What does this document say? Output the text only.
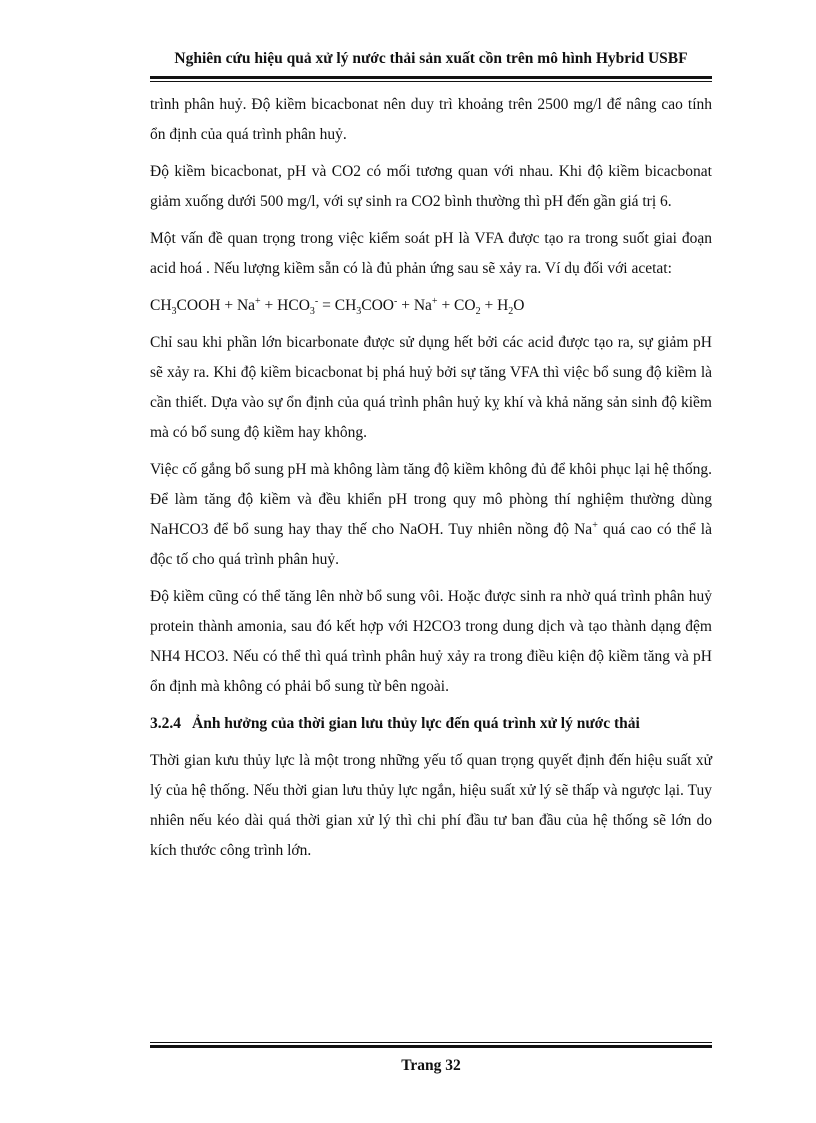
Nghiên cứu hiệu quả xử lý nước thải sản xuất cồn trên mô hình Hybrid USBF

trình phân huỷ. Độ kiềm bicacbonat nên duy trì khoảng trên 2500 mg/l để nâng cao tính ổn định của quá trình phân huỷ.

Độ kiềm bicacbonat, pH và CO2 có mối tương quan với nhau. Khi độ kiềm bicacbonat giảm xuống dưới 500 mg/l, với sự sinh ra CO2 bình thường thì pH đến gần giá trị 6.

Một vấn đề quan trọng trong việc kiểm soát pH là VFA được tạo ra trong suốt giai đoạn acid hoá . Nếu lượng kiềm sẵn có là đủ phản ứng sau sẽ xảy ra. Ví dụ đối với acetat:

$CH_3COOH + Na^+ + HCO_3^- = CH_3COO^- + Na^+ + CO_2 + H_2O$

Chỉ sau khi phần lớn bicarbonate được sử dụng hết bởi các acid được tạo ra, sự giảm pH sẽ xảy ra. Khi độ kiềm bicacbonat bị phá huỷ bởi sự tăng VFA thì việc bổ sung độ kiềm là cần thiết. Dựa vào sự ổn định của quá trình phân huỷ kỵ khí và khả năng sản sinh độ kiềm mà có bổ sung độ kiềm hay không.

Việc cố gắng bổ sung pH mà không làm tăng độ kiềm không đủ để khôi phục lại hệ thống. Để làm tăng độ kiềm và đều khiển pH trong quy mô phòng thí nghiệm thường dùng NaHCO3 để bổ sung hay thay thế cho NaOH. Tuy nhiên nồng độ Na+ quá cao có thể là độc tố cho quá trình phân huỷ.

Độ kiềm cũng có thể tăng lên nhờ bổ sung vôi. Hoặc được sinh ra nhờ quá trình phân huỷ protein thành amonia, sau đó kết hợp với H2CO3 trong dung dịch và tạo thành dạng đệm NH4 HCO3. Nếu có thể thì quá trình phân huỷ xảy ra trong điều kiện độ kiềm tăng và pH ổn định mà không có phải bổ sung từ bên ngoài.

3.2.4 Ảnh hưởng của thời gian lưu thủy lực đến quá trình xử lý nước thải

Thời gian kưu thủy lực là một trong những yếu tố quan trọng quyết định đến hiệu suất xử lý của hệ thống. Nếu thời gian lưu thủy lực ngắn, hiệu suất xử lý sẽ thấp và ngược lại. Tuy nhiên nếu kéo dài quá thời gian xử lý thì chi phí đầu tư ban đầu của hệ thống sẽ lớn do kích thước công trình lớn.

Trang 32
